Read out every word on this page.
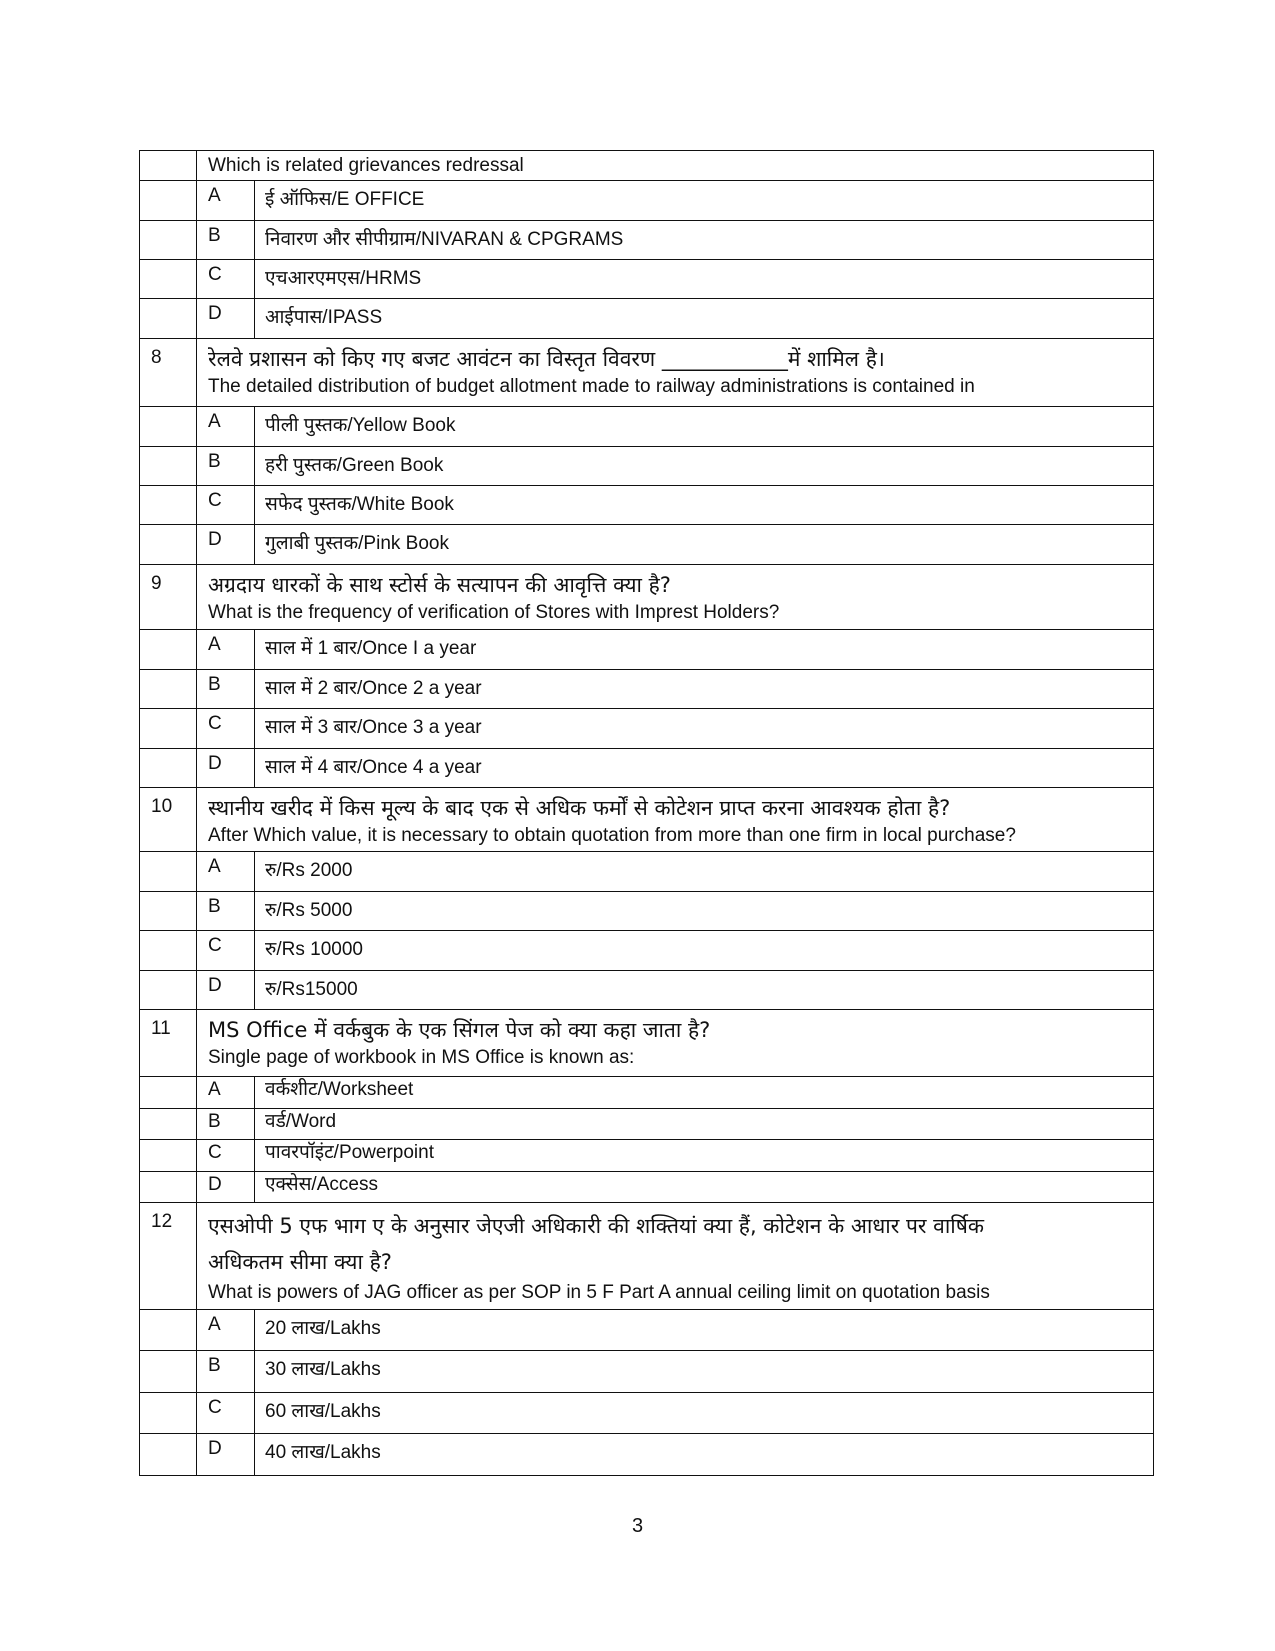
	Which is related grievances redressal	

	A	ई ऑफिस/E OFFICE
	B	निवारण और सीपीग्राम/NIVARAN & CPGRAMS
	C	एचआरएमएस/HRMS
	D	आईपास/IPASS
8	रेलवे प्रशासन को किए गए बजट आवंटन का विस्तृत विवरण ____________में शामिल है।
The detailed distribution of budget allotment made to railway administrations is contained in	

	A	पीली पुस्तक/Yellow Book
	B	हरी पुस्तक/Green Book
	C	सफेद पुस्तक/White Book
	D	गुलाबी पुस्तक/Pink Book
9	अग्रदाय धारकों के साथ स्टोर्स के सत्यापन की आवृत्ति क्या है?
What is the frequency of verification of Stores with Imprest Holders?	

	A	साल में 1 बार/Once I a year
	B	साल में 2 बार/Once 2 a year
	C	साल में 3 बार/Once 3 a year
	D	साल में 4 बार/Once 4 a year
10	स्थानीय खरीद में किस मूल्य के बाद एक से अधिक फर्मों से कोटेशन प्राप्त करना आवश्यक होता है?
After Which value, it is necessary to obtain quotation from more than one firm in local purchase?	

	A	रु/Rs 2000
	B	रु/Rs 5000
	C	रु/Rs 10000
	D	रु/Rs15000
11	MS Office में वर्कबुक के एक सिंगल पेज को क्या कहा जाता है?
Single page of workbook in MS Office is known as:	

	A	वर्कशीट/Worksheet
	B	वर्ड/Word
	C	पावरपॉइंट/Powerpoint
	D	एक्सेस/Access
12	एसओपी 5 एफ भाग ए के अनुसार जेएजी अधिकारी की शक्तियां क्या हैं, कोटेशन के आधार पर वार्षिक
अधिकतम सीमा क्या है?
What is powers of JAG officer as per SOP in 5 F Part A annual ceiling limit on quotation basis	

	A	20 लाख/Lakhs
	B	30 लाख/Lakhs
	C	60 लाख/Lakhs
	D	40 लाख/Lakhs
3
